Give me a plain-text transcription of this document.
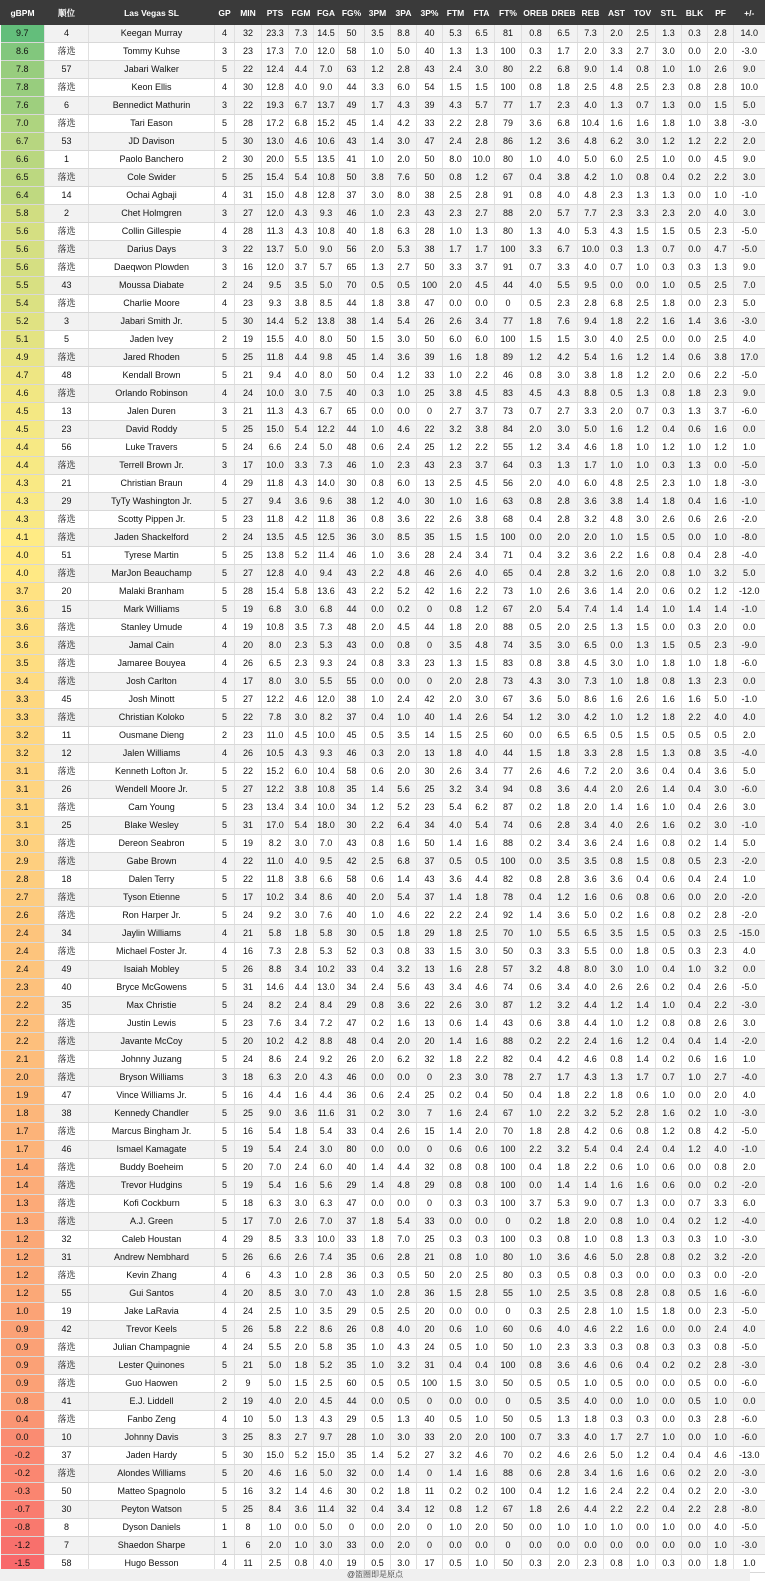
gBPM	顺位	Las Vegas SL	GP	MIN	PTS	FGM	FGA	FG%	3PM	3PA	3P%	FTM	FTA	FT%	OREB	DREB	REB	AST	TOV	STL	BLK	PF	+/-
9.7	4	Keegan Murray	4	32	23.3	7.3	14.5	50	3.5	8.8	40	5.3	6.5	81	0.8	6.5	7.3	2.0	2.5	1.3	0.3	2.8	14.0
8.6	落选	Tommy Kuhse	3	23	17.3	7.0	12.0	58	1.0	5.0	40	1.3	1.3	100	0.3	1.7	2.0	3.3	2.7	3.0	0.0	2.0	-3.0
7.8	57	Jabari Walker	5	22	12.4	4.4	7.0	63	1.2	2.8	43	2.4	3.0	80	2.2	6.8	9.0	1.4	0.8	1.0	1.0	2.6	9.0
7.8	落选	Keon Ellis	4	30	12.8	4.0	9.0	44	3.3	6.0	54	1.5	1.5	100	0.8	1.8	2.5	4.8	2.5	2.3	0.8	2.8	10.0
7.6	6	Bennedict Mathurin	3	22	19.3	6.7	13.7	49	1.7	4.3	39	4.3	5.7	77	1.7	2.3	4.0	1.3	0.7	1.3	0.0	1.5	5.0
7.0	落选	Tari Eason	5	28	17.2	6.8	15.2	45	1.4	4.2	33	2.2	2.8	79	3.6	6.8	10.4	1.6	1.6	1.8	1.0	3.8	-3.0
6.7	53	JD Davison	5	30	13.0	4.6	10.6	43	1.4	3.0	47	2.4	2.8	86	1.2	3.6	4.8	6.2	3.0	1.2	1.2	2.2	2.0
6.6	1	Paolo Banchero	2	30	20.0	5.5	13.5	41	1.0	2.0	50	8.0	10.0	80	1.0	4.0	5.0	6.0	2.5	1.0	0.0	4.5	9.0
6.5	落选	Cole Swider	5	25	15.4	5.4	10.8	50	3.8	7.6	50	0.8	1.2	67	0.4	3.8	4.2	1.0	0.8	0.4	0.2	2.2	3.0
6.4	14	Ochai Agbaji	4	31	15.0	4.8	12.8	37	3.0	8.0	38	2.5	2.8	91	0.8	4.0	4.8	2.3	1.3	1.3	0.0	1.0	-1.0
5.8	2	Chet Holmgren	3	27	12.0	4.3	9.3	46	1.0	2.3	43	2.3	2.7	88	2.0	5.7	7.7	2.3	3.3	2.3	2.0	4.0	3.0
5.6	落选	Collin Gillespie	4	28	11.3	4.3	10.8	40	1.8	6.3	28	1.0	1.3	80	1.3	4.0	5.3	4.3	1.5	1.5	0.5	2.3	-5.0
5.6	落选	Darius Days	3	22	13.7	5.0	9.0	56	2.0	5.3	38	1.7	1.7	100	3.3	6.7	10.0	0.3	1.3	0.7	0.0	4.7	-5.0
5.6	落选	Daeqwon Plowden	3	16	12.0	3.7	5.7	65	1.3	2.7	50	3.3	3.7	91	0.7	3.3	4.0	0.7	1.0	0.3	0.3	1.3	9.0
5.5	43	Moussa Diabate	2	24	9.5	3.5	5.0	70	0.5	0.5	100	2.0	4.5	44	4.0	5.5	9.5	0.0	0.0	1.0	0.5	2.5	7.0
5.4	落选	Charlie Moore	4	23	9.3	3.8	8.5	44	1.8	3.8	47	0.0	0.0	0	0.5	2.3	2.8	6.8	2.5	1.8	0.0	2.3	5.0
5.2	3	Jabari Smith Jr.	5	30	14.4	5.2	13.8	38	1.4	5.4	26	2.6	3.4	77	1.8	7.6	9.4	1.8	2.2	1.6	1.4	3.6	-3.0
5.1	5	Jaden Ivey	2	19	15.5	4.0	8.0	50	1.5	3.0	50	6.0	6.0	100	1.5	1.5	3.0	4.0	2.5	0.0	0.0	2.5	4.0
4.9	落选	Jared Rhoden	5	25	11.8	4.4	9.8	45	1.4	3.6	39	1.6	1.8	89	1.2	4.2	5.4	1.6	1.2	1.4	0.6	3.8	17.0
4.7	48	Kendall Brown	5	21	9.4	4.0	8.0	50	0.4	1.2	33	1.0	2.2	46	0.8	3.0	3.8	1.8	1.2	2.0	0.6	2.2	-5.0
4.6	落选	Orlando Robinson	4	24	10.0	3.0	7.5	40	0.3	1.0	25	3.8	4.5	83	4.5	4.3	8.8	0.5	1.3	0.8	1.8	2.3	9.0
4.5	13	Jalen Duren	3	21	11.3	4.3	6.7	65	0.0	0.0	0	2.7	3.7	73	0.7	2.7	3.3	2.0	0.7	0.3	1.3	3.7	-6.0
4.5	23	David Roddy	5	25	15.0	5.4	12.2	44	1.0	4.6	22	3.2	3.8	84	2.0	3.0	5.0	1.6	1.2	0.4	0.6	1.6	0.0
4.4	56	Luke Travers	5	24	6.6	2.4	5.0	48	0.6	2.4	25	1.2	2.2	55	1.2	3.4	4.6	1.8	1.0	1.2	1.0	1.2	1.0
4.4	落选	Terrell Brown Jr.	3	17	10.0	3.3	7.3	46	1.0	2.3	43	2.3	3.7	64	0.3	1.3	1.7	1.0	1.0	0.3	1.3	0.0	-5.0
4.3	21	Christian Braun	4	29	11.8	4.3	14.0	30	0.8	6.0	13	2.5	4.5	56	2.0	4.0	6.0	4.8	2.5	2.3	1.0	1.8	-3.0
4.3	29	TyTy Washington Jr.	5	27	9.4	3.6	9.6	38	1.2	4.0	30	1.0	1.6	63	0.8	2.8	3.6	3.8	1.4	1.8	0.4	1.6	-1.0
4.3	落选	Scotty Pippen Jr.	5	23	11.8	4.2	11.8	36	0.8	3.6	22	2.6	3.8	68	0.4	2.8	3.2	4.8	3.0	2.6	0.6	2.6	-2.0
4.1	落选	Jaden Shackelford	2	24	13.5	4.5	12.5	36	3.0	8.5	35	1.5	1.5	100	0.0	2.0	2.0	1.0	1.5	0.5	0.0	1.0	-8.0
4.0	51	Tyrese Martin	5	25	13.8	5.2	11.4	46	1.0	3.6	28	2.4	3.4	71	0.4	3.2	3.6	2.2	1.6	0.8	0.4	2.8	-4.0
4.0	落选	MarJon Beauchamp	5	27	12.8	4.0	9.4	43	2.2	4.8	46	2.6	4.0	65	0.4	2.8	3.2	1.6	2.0	0.8	1.0	3.2	5.0
3.7	20	Malaki Branham	5	28	15.4	5.8	13.6	43	2.2	5.2	42	1.6	2.2	73	1.0	2.6	3.6	1.4	2.0	0.6	0.2	1.2	-12.0
3.6	15	Mark Williams	5	19	6.8	3.0	6.8	44	0.0	0.2	0	0.8	1.2	67	2.0	5.4	7.4	1.4	1.4	1.0	1.4	1.4	-1.0
3.6	落选	Stanley Umude	4	19	10.8	3.5	7.3	48	2.0	4.5	44	1.8	2.0	88	0.5	2.0	2.5	1.3	1.5	0.0	0.3	2.0	0.0
3.6	落选	Jamal Cain	4	20	8.0	2.3	5.3	43	0.0	0.8	0	3.5	4.8	74	3.5	3.0	6.5	0.0	1.3	1.5	0.5	2.3	-9.0
3.5	落选	Jamaree Bouyea	4	26	6.5	2.3	9.3	24	0.8	3.3	23	1.3	1.5	83	0.8	3.8	4.5	3.0	1.0	1.8	1.0	1.8	-6.0
3.4	落选	Josh Carlton	4	17	8.0	3.0	5.5	55	0.0	0.0	0	2.0	2.8	73	4.3	3.0	7.3	1.0	1.8	0.8	1.3	2.3	0.0
3.3	45	Josh Minott	5	27	12.2	4.6	12.0	38	1.0	2.4	42	2.0	3.0	67	3.6	5.0	8.6	1.6	2.6	1.6	1.6	5.0	-1.0
3.3	落选	Christian Koloko	5	22	7.8	3.0	8.2	37	0.4	1.0	40	1.4	2.6	54	1.2	3.0	4.2	1.0	1.2	1.8	2.2	4.0	4.0
3.2	11	Ousmane Dieng	2	23	11.0	4.5	10.0	45	0.5	3.5	14	1.5	2.5	60	0.0	6.5	6.5	0.5	1.5	0.5	0.5	0.5	2.0
3.2	12	Jalen Williams	4	26	10.5	4.3	9.3	46	0.3	2.0	13	1.8	4.0	44	1.5	1.8	3.3	2.8	1.5	1.3	0.8	3.5	-4.0
3.1	落选	Kenneth Lofton Jr.	5	22	15.2	6.0	10.4	58	0.6	2.0	30	2.6	3.4	77	2.6	4.6	7.2	2.0	3.6	0.4	0.4	3.6	5.0
3.1	26	Wendell Moore Jr.	5	27	12.2	3.8	10.8	35	1.4	5.6	25	3.2	3.4	94	0.8	3.6	4.4	2.0	2.6	1.4	0.4	3.0	-6.0
3.1	落选	Cam Young	5	23	13.4	3.4	10.0	34	1.2	5.2	23	5.4	6.2	87	0.2	1.8	2.0	1.4	1.6	1.0	0.4	2.6	3.0
3.1	25	Blake Wesley	5	31	17.0	5.4	18.0	30	2.2	6.4	34	4.0	5.4	74	0.6	2.8	3.4	4.0	2.6	1.6	0.2	3.0	-1.0
3.0	落选	Dereon Seabron	5	19	8.2	3.0	7.0	43	0.8	1.6	50	1.4	1.6	88	0.2	3.4	3.6	2.4	1.6	0.8	0.2	1.4	5.0
2.9	落选	Gabe Brown	4	22	11.0	4.0	9.5	42	2.5	6.8	37	0.5	0.5	100	0.0	3.5	3.5	0.8	1.5	0.8	0.5	2.3	-2.0
2.8	18	Dalen Terry	5	22	11.8	3.8	6.6	58	0.6	1.4	43	3.6	4.4	82	0.8	2.8	3.6	3.6	0.4	0.6	0.4	2.4	1.0
2.7	落选	Tyson Etienne	5	17	10.2	3.4	8.6	40	2.0	5.4	37	1.4	1.8	78	0.4	1.2	1.6	0.6	0.8	0.6	0.0	2.0	-2.0
2.6	落选	Ron Harper Jr.	5	24	9.2	3.0	7.6	40	1.0	4.6	22	2.2	2.4	92	1.4	3.6	5.0	0.2	1.6	0.8	0.2	2.8	-2.0
2.4	34	Jaylin Williams	4	21	5.8	1.8	5.8	30	0.5	1.8	29	1.8	2.5	70	1.0	5.5	6.5	3.5	1.5	0.5	0.3	2.5	-15.0
2.4	落选	Michael Foster Jr.	4	16	7.3	2.8	5.3	52	0.3	0.8	33	1.5	3.0	50	0.3	3.3	5.5	0.0	1.8	0.5	0.3	2.3	4.0
2.4	49	Isaiah Mobley	5	26	8.8	3.4	10.2	33	0.4	3.2	13	1.6	2.8	57	3.2	4.8	8.0	3.0	1.0	0.4	1.0	3.2	0.0
2.3	40	Bryce McGowens	5	31	14.6	4.4	13.0	34	2.4	5.6	43	3.4	4.6	74	0.6	3.4	4.0	2.6	2.6	0.2	0.4	2.6	-5.0
2.2	35	Max Christie	5	24	8.2	2.4	8.4	29	0.8	3.6	22	2.6	3.0	87	1.2	3.2	4.4	1.2	1.4	1.0	0.4	2.2	-3.0
2.2	落选	Justin Lewis	5	23	7.6	3.4	7.2	47	0.2	1.6	13	0.6	1.4	43	0.6	3.8	4.4	1.0	1.2	0.8	0.8	2.6	3.0
2.2	落选	Javante McCoy	5	20	10.2	4.2	8.8	48	0.4	2.0	20	1.4	1.6	88	0.2	2.2	2.4	1.6	1.2	0.4	0.4	1.4	-2.0
2.1	落选	Johnny Juzang	5	24	8.6	2.4	9.2	26	2.0	6.2	32	1.8	2.2	82	0.4	4.2	4.6	0.8	1.4	0.2	0.6	1.6	1.0
2.0	落选	Bryson Williams	3	18	6.3	2.0	4.3	46	0.0	0.0	0	2.3	3.0	78	2.7	1.7	4.3	1.3	1.7	0.7	1.0	2.7	-4.0
1.9	47	Vince Williams Jr.	5	16	4.4	1.6	4.4	36	0.6	2.4	25	0.2	0.4	50	0.4	1.8	2.2	1.8	0.6	1.0	0.0	2.0	4.0
1.8	38	Kennedy Chandler	5	25	9.0	3.6	11.6	31	0.2	3.0	7	1.6	2.4	67	1.0	2.2	3.2	5.2	2.8	1.6	0.2	1.0	-3.0
1.7	落选	Marcus Bingham Jr.	5	16	5.4	1.8	5.4	33	0.4	2.6	15	1.4	2.0	70	1.8	2.8	4.2	0.6	0.8	1.2	0.8	4.2	-5.0
1.7	46	Ismael Kamagate	5	19	5.4	2.4	3.0	80	0.0	0.0	0	0.6	0.6	100	2.2	3.2	5.4	0.4	2.4	0.4	1.2	4.0	-1.0
1.4	落选	Buddy Boeheim	5	20	7.0	2.4	6.0	40	1.4	4.4	32	0.8	0.8	100	0.4	1.8	2.2	0.6	1.0	0.6	0.0	0.8	2.0
1.4	落选	Trevor Hudgins	5	19	5.4	1.6	5.6	29	1.4	4.8	29	0.8	0.8	100	0.0	1.4	1.4	1.6	1.6	0.6	0.0	0.2	-2.0
1.3	落选	Kofi Cockburn	5	18	6.3	3.0	6.3	47	0.0	0.0	0	0.3	0.3	100	3.7	5.3	9.0	0.7	1.3	0.0	0.7	3.3	6.0
1.3	落选	A.J. Green	5	17	7.0	2.6	7.0	37	1.8	5.4	33	0.0	0.0	0	0.2	1.8	2.0	0.8	1.0	0.4	0.2	1.2	-4.0
1.2	32	Caleb Houstan	4	29	8.5	3.3	10.0	33	1.8	7.0	25	0.3	0.3	100	0.3	0.8	1.0	0.8	1.3	0.3	0.3	1.0	-3.0
1.2	31	Andrew Nembhard	5	26	6.6	2.6	7.4	35	0.6	2.8	21	0.8	1.0	80	1.0	3.6	4.6	5.0	2.8	0.8	0.2	3.2	-2.0
1.2	落选	Kevin Zhang	4	6	4.3	1.0	2.8	36	0.3	0.5	50	2.0	2.5	80	0.3	0.5	0.8	0.3	0.0	0.0	0.3	0.0	-2.0
1.2	55	Gui Santos	4	20	8.5	3.0	7.0	43	1.0	2.8	36	1.5	2.8	55	1.0	2.5	3.5	0.8	2.8	0.8	0.5	1.6	-6.0
1.0	19	Jake LaRavia	4	24	2.5	1.0	3.5	29	0.5	2.5	20	0.0	0.0	0	0.3	2.5	2.8	1.0	1.5	1.8	0.0	2.3	-5.0
0.9	42	Trevor Keels	5	26	5.8	2.2	8.6	26	0.8	4.0	20	0.6	1.0	60	0.6	4.0	4.6	2.2	1.6	0.0	0.0	2.4	4.0
0.9	落选	Julian Champagnie	4	24	5.5	2.0	5.8	35	1.0	4.3	24	0.5	1.0	50	1.0	2.3	3.3	0.3	0.8	0.3	0.3	0.8	-5.0
0.9	落选	Lester Quinones	5	21	5.0	1.8	5.2	35	1.0	3.2	31	0.4	0.4	100	0.8	3.6	4.6	0.6	0.4	0.2	0.2	2.8	-3.0
0.9	落选	Guo Haowen	2	9	5.0	1.5	2.5	60	0.5	0.5	100	1.5	3.0	50	0.5	0.5	1.0	0.5	0.0	0.0	0.5	0.0	-6.0
0.8	41	E.J. Liddell	2	19	4.0	2.0	4.5	44	0.0	0.5	0	0.0	0.0	0	0.5	3.5	4.0	0.0	1.0	0.0	0.5	1.0	0.0
0.4	落选	Fanbo Zeng	4	10	5.0	1.3	4.3	29	0.5	1.3	40	0.5	1.0	50	0.5	1.3	1.8	0.3	0.3	0.0	0.3	2.8	-6.0
0.0	10	Johnny Davis	3	25	8.3	2.7	9.7	28	1.0	3.0	33	2.0	2.0	100	0.7	3.3	4.0	1.7	2.7	1.0	0.0	1.0	-6.0
-0.2	37	Jaden Hardy	5	30	15.0	5.2	15.0	35	1.4	5.2	27	3.2	4.6	70	0.2	4.6	2.6	5.0	1.2	0.4	0.4	4.6	-13.0
-0.2	落选	Alondes Williams	5	20	4.6	1.6	5.0	32	0.0	1.4	0	1.4	1.6	88	0.6	2.8	3.4	1.6	1.6	0.6	0.2	2.0	-3.0
-0.3	50	Matteo Spagnolo	5	16	3.2	1.4	4.6	30	0.2	1.8	11	0.2	0.2	100	0.4	1.2	1.6	2.4	2.2	0.4	0.2	2.0	-3.0
-0.7	30	Peyton Watson	5	25	8.4	3.6	11.4	32	0.4	3.4	12	0.8	1.2	67	1.8	2.6	4.4	2.2	2.2	0.4	2.2	2.8	-8.0
-0.8	8	Dyson Daniels	1	8	1.0	0.0	5.0	0	0.0	2.0	0	1.0	2.0	50	0.0	1.0	1.0	1.0	0.0	1.0	0.0	4.0	-5.0
-1.2	7	Shaedon Sharpe	1	6	2.0	1.0	3.0	33	0.0	2.0	0	0.0	0.0	0	0.0	0.0	0.0	0.0	0.0	0.0	0.0	1.0	-3.0
-1.5	58	Hugo Besson	4	11	2.5	0.8	4.0	19	0.5	3.0	17	0.5	1.0	50	0.3	2.0	2.3	0.8	1.0	0.3	0.0	1.8	1.0
@篮圈即是原点
